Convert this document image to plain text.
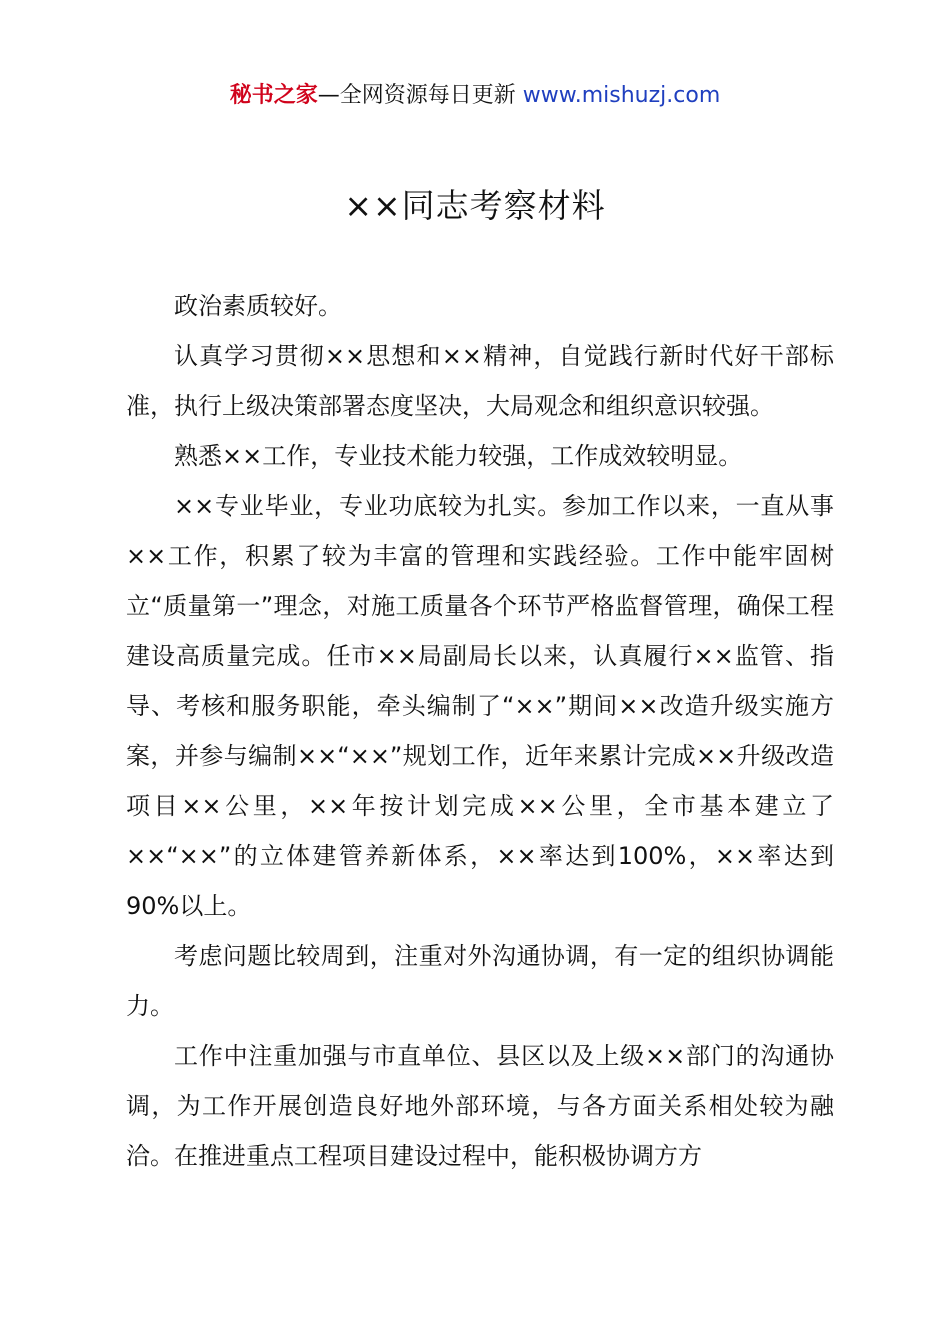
秘书之家—全网资源每日更新 www.mishuzj.com
××同志考察材料

政治素质较好。

认真学习贯彻××思想和××精神，自觉践行新时代好干部标准，执行上级决策部署态度坚决，大局观念和组织意识较强。

熟悉××工作，专业技术能力较强，工作成效较明显。

××专业毕业，专业功底较为扎实。参加工作以来，一直从事××工作，积累了较为丰富的管理和实践经验。工作中能牢固树立“质量第一”理念，对施工质量各个环节严格监督管理，确保工程建设高质量完成。任市××局副局长以来，认真履行××监管、指导、考核和服务职能，牵头编制了“××”期间××改造升级实施方案，并参与编制××“××”规划工作，近年来累计完成××升级改造项目××公里，××年按计划完成××公里，全市基本建立了××“××”的立体建管养新体系，××率达到100%，××率达到90%以上。

考虑问题比较周到，注重对外沟通协调，有一定的组织协调能力。

工作中注重加强与市直单位、县区以及上级××部门的沟通协调，为工作开展创造良好地外部环境，与各方面关系相处较为融洽。在推进重点工程项目建设过程中，能积极协调方方
